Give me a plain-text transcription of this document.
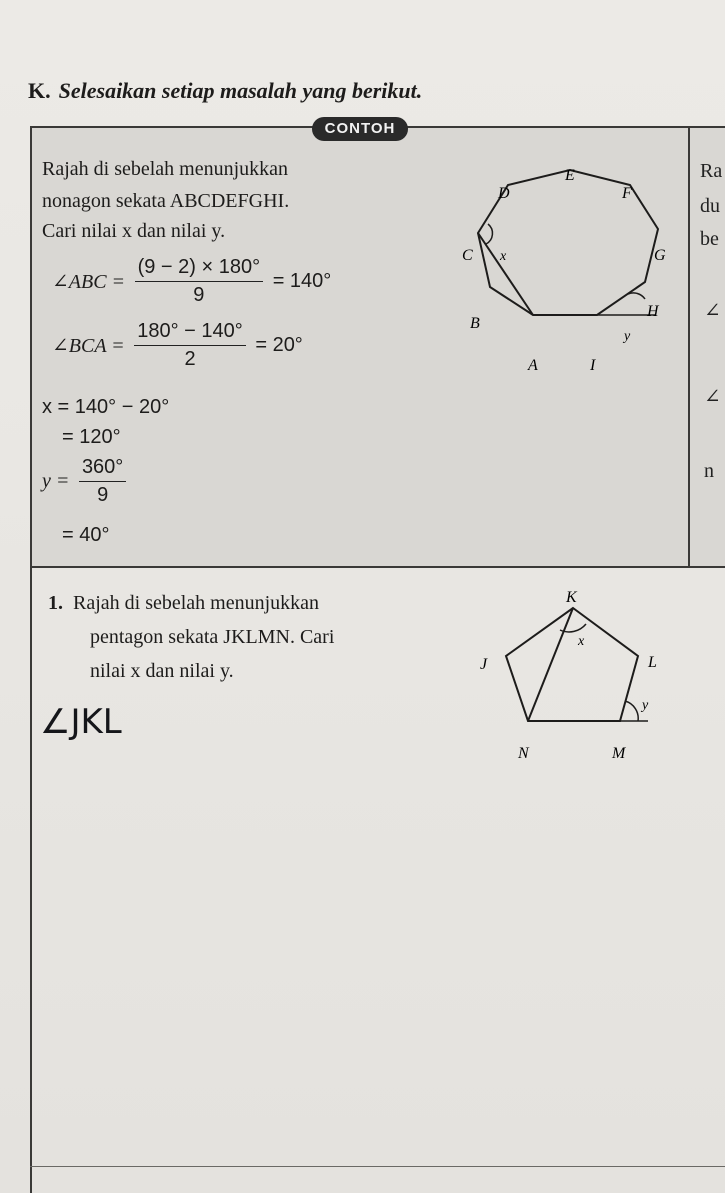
K. Selesaikan setiap masalah yang berikut.
CONTOH
Rajah di sebelah menunjukkan
nonagon sekata ABCDEFGHI.
Cari nilai x dan nilai y.
∠ABC = $\frac{(9 - 2) \times 180^\circ}{9} = 140^\circ$
∠BCA = $\frac{180^\circ - 140^\circ}{2} = 20^\circ$
x = 140° − 20°
= 120°
$y = \frac{360^\circ}{9}$
= 40°
Ra
du
be
∠
∠
n
E
D	F
C	G
B
H
A	I
x
y
1. Rajah di sebelah menunjukkan
pentagon sekata JKLMN. Cari
nilai x dan nilai y.
K
J	L
N	M
x
y
∠JKL
